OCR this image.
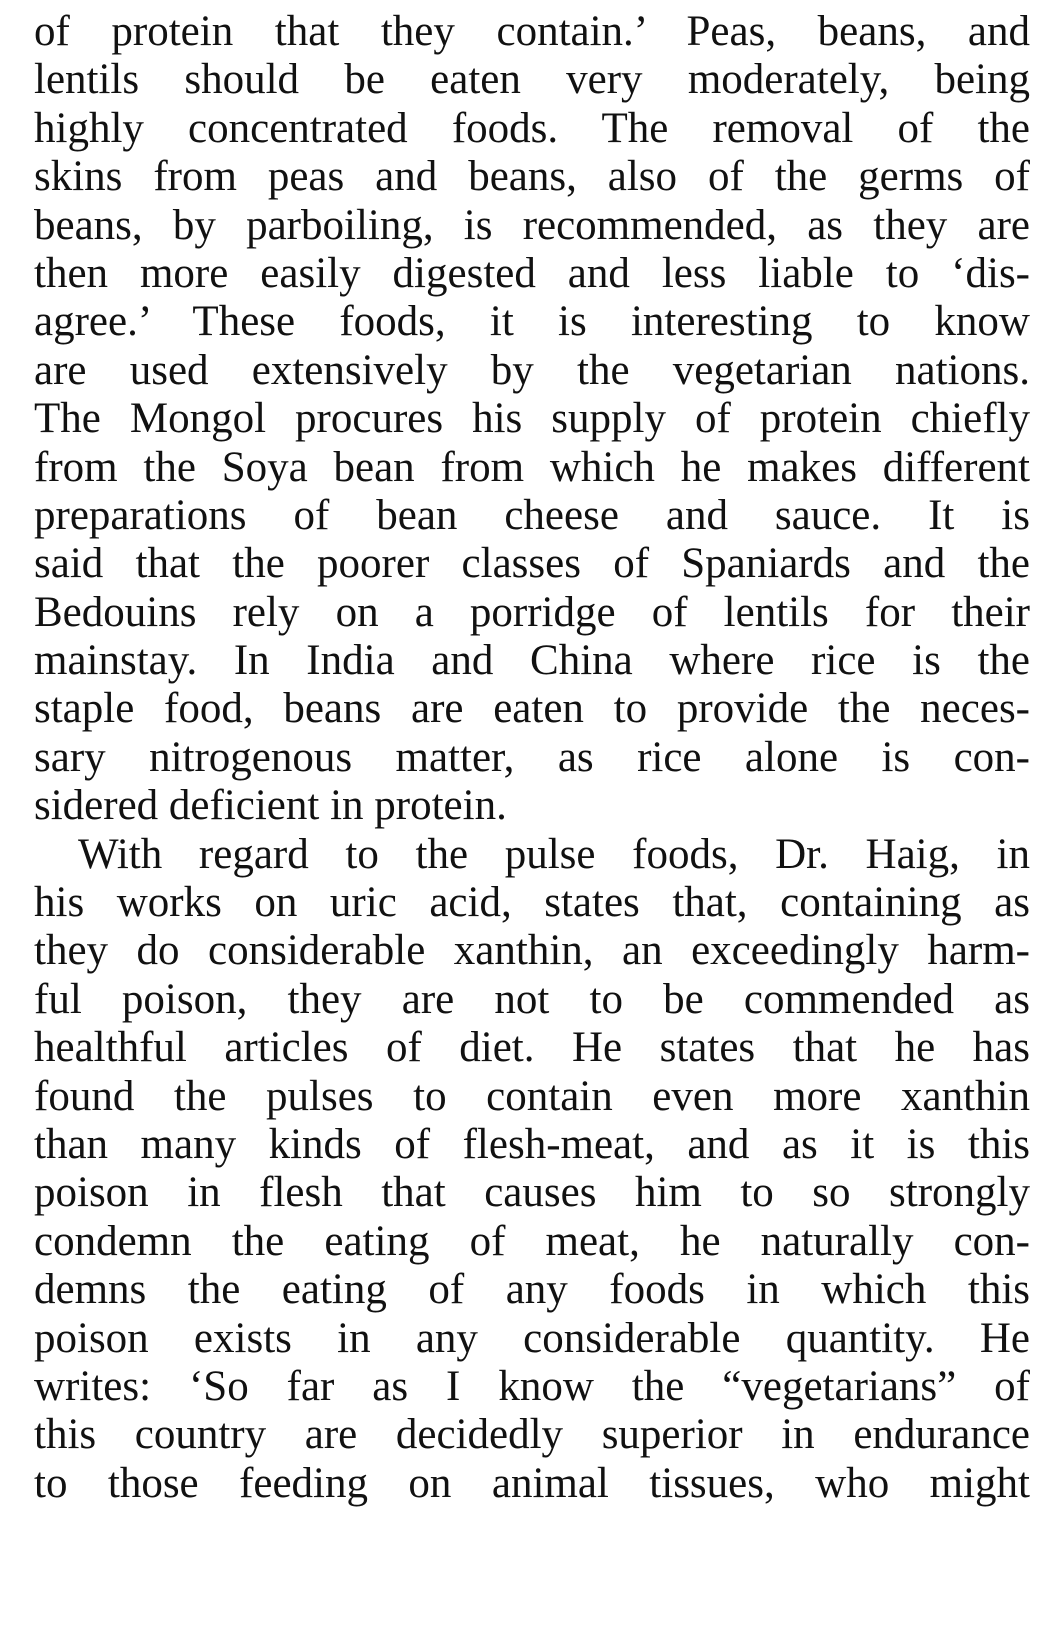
of protein that they contain.’ Peas, beans, and
lentils should be eaten very moderately, being
highly concentrated foods. The removal of the
skins from peas and beans, also of the germs of
beans, by parboiling, is recommended, as they are
then more easily digested and less liable to ‘dis-
agree.’ These foods, it is interesting to know
are used extensively by the vegetarian nations.
The Mongol procures his supply of protein chiefly
from the Soya bean from which he makes different
preparations of bean cheese and sauce. It is
said that the poorer classes of Spaniards and the
Bedouins rely on a porridge of lentils for their
mainstay. In India and China where rice is the
staple food, beans are eaten to provide the neces-
sary nitrogenous matter, as rice alone is con-
sidered deficient in protein.
With regard to the pulse foods, Dr. Haig, in
his works on uric acid, states that, containing as
they do considerable xanthin, an exceedingly harm-
ful poison, they are not to be commended as
healthful articles of diet. He states that he has
found the pulses to contain even more xanthin
than many kinds of flesh-meat, and as it is this
poison in flesh that causes him to so strongly
condemn the eating of meat, he naturally con-
demns the eating of any foods in which this
poison exists in any considerable quantity. He
writes: ‘So far as I know the “vegetarians” of
this country are decidedly superior in endurance
to those feeding on animal tissues, who might
